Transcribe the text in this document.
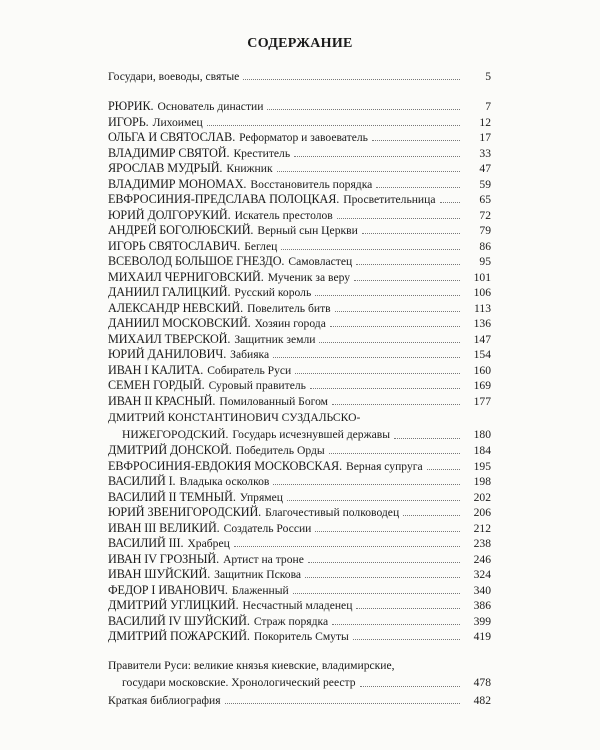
СОДЕРЖАНИЕ
Государи, воеводы, святые	5
РЮРИК. Основатель династии	7
ИГОРЬ. Лихоимец	12
ОЛЬГА И СВЯТОСЛАВ. Реформатор и завоеватель	17
ВЛАДИМИР СВЯТОЙ. Креститель	33
ЯРОСЛАВ МУДРЫЙ. Книжник	47
ВЛАДИМИР МОНОМАХ. Восстановитель порядка	59
ЕВФРОСИНИЯ-ПРЕДСЛАВА ПОЛОЦКАЯ. Просветительница	65
ЮРИЙ ДОЛГОРУКИЙ. Искатель престолов	72
АНДРЕЙ БОГОЛЮБСКИЙ. Верный сын Церкви	79
ИГОРЬ СВЯТОСЛАВИЧ. Беглец	86
ВСЕВОЛОД БОЛЬШОЕ ГНЕЗДО. Самовластец	95
МИХАИЛ ЧЕРНИГОВСКИЙ. Мученик за веру	101
ДАНИИЛ ГАЛИЦКИЙ. Русский король	106
АЛЕКСАНДР НЕВСКИЙ. Повелитель битв	113
ДАНИИЛ МОСКОВСКИЙ. Хозяин города	136
МИХАИЛ ТВЕРСКОЙ. Защитник земли	147
ЮРИЙ ДАНИЛОВИЧ. Забияка	154
ИВАН I КАЛИТА. Собиратель Руси	160
СЕМЕН ГОРДЫЙ. Суровый правитель	169
ИВАН II КРАСНЫЙ. Помилованный Богом	177
ДМИТРИЙ КОНСТАНТИНОВИЧ СУЗДАЛЬСКО-
НИЖЕГОРОДСКИЙ. Государь исчезнувшей державы	180
ДМИТРИЙ ДОНСКОЙ. Победитель Орды	184
ЕВФРОСИНИЯ-ЕВДОКИЯ МОСКОВСКАЯ. Верная супруга	195
ВАСИЛИЙ I. Владыка осколков	198
ВАСИЛИЙ II ТЕМНЫЙ. Упрямец	202
ЮРИЙ ЗВЕНИГОРОДСКИЙ. Благочестивый полководец	206
ИВАН III ВЕЛИКИЙ. Создатель России	212
ВАСИЛИЙ III. Храбрец	238
ИВАН IV ГРОЗНЫЙ. Артист на троне	246
ИВАН ШУЙСКИЙ. Защитник Пскова	324
ФЕДОР I ИВАНОВИЧ. Блаженный	340
ДМИТРИЙ УГЛИЦКИЙ. Несчастный младенец	386
ВАСИЛИЙ IV ШУЙСКИЙ. Страж порядка	399
ДМИТРИЙ ПОЖАРСКИЙ. Покоритель Смуты	419
Правители Руси: великие князья киевские, владимирские,
государи московские. Хронологический реестр	478
Краткая библиография	482
